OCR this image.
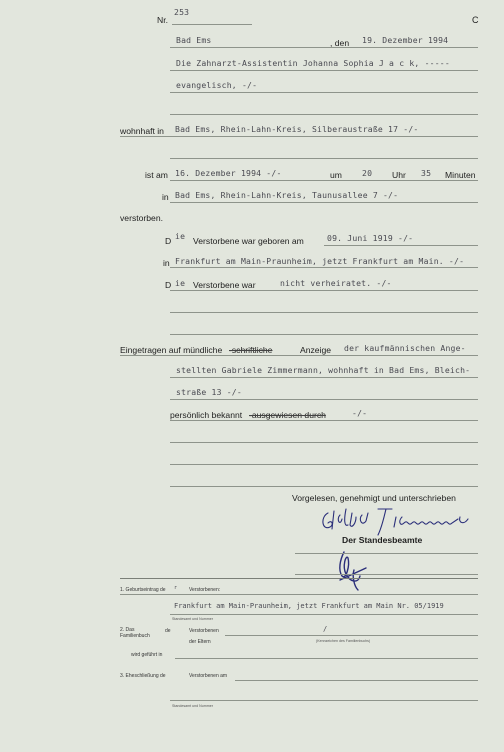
Nr.
253
C
Bad Ems	, den 19. Dezember 1994
Die Zahnarzt-Assistentin Johanna Sophia J a c k, -----
evangelisch, -/-
wohnhaft in Bad Ems, Rhein-Lahn-Kreis, Silberaustraße 17 -/-
ist am 16. Dezember 1994 -/-	um 20 Uhr 35 Minuten
in Bad Ems, Rhein-Lahn-Kreis, Taunusallee 7 -/-
verstorben.
D ie Verstorbene war geboren am	09. Juni 1919 -/-
in Frankfurt am Main-Praunheim, jetzt Frankfurt am Main. -/-
D ie Verstorbene war	nicht verheiratet. -/-
Eingetragen auf mündliche -schriftliche	Anzeige der kaufmännischen Ange-
stellten Gabriele Zimmermann, wohnhaft in Bad Ems, Bleich-
straße 13 -/-
persönlich bekannt -ausgewiesen durch	-/-
Vorgelesen, genehmigt und unterschrieben
Der Standesbeamte
1. Geburtseintrag de r Verstorbenen:
Frankfurt am Main-Praunheim, jetzt Frankfurt am Main Nr. 05/1919
Standesamt und Nummer
2. Das Familienbuch
de	Verstorbenen
der Eltern
/
(Kennzeichen des Familienbuchs)
wird geführt in
3. Eheschließung de	Verstorbenen am
Standesamt und Nummer
